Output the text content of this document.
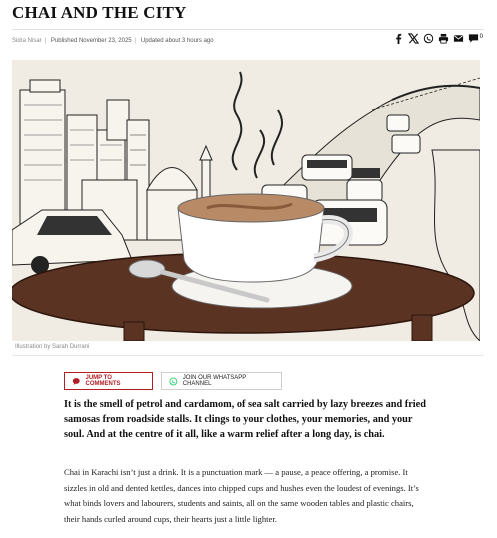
CHAI AND THE CITY
Sidra Nisar | Published November 23, 2025 | Updated about 3 hours ago
0
Illustration by Sarah Durrani
JUMP TO COMMENTS
JOIN OUR WHATSAPP CHANNEL

It is the smell of petrol and cardamom, of sea salt carried by lazy breezes and fried samosas from roadside stalls. It clings to your clothes, your memories, and your soul. And at the centre of it all, like a warm relief after a long day, is chai.

Chai in Karachi isn’t just a drink. It is a punctuation mark — a pause, a peace offering, a promise. It sizzles in old and dented kettles, dances into chipped cups and hushes even the loudest of evenings. It’s what binds lovers and labourers, students and saints, all on the same wooden tables and plastic chairs, their hands curled around cups, their hearts just a little lighter.
